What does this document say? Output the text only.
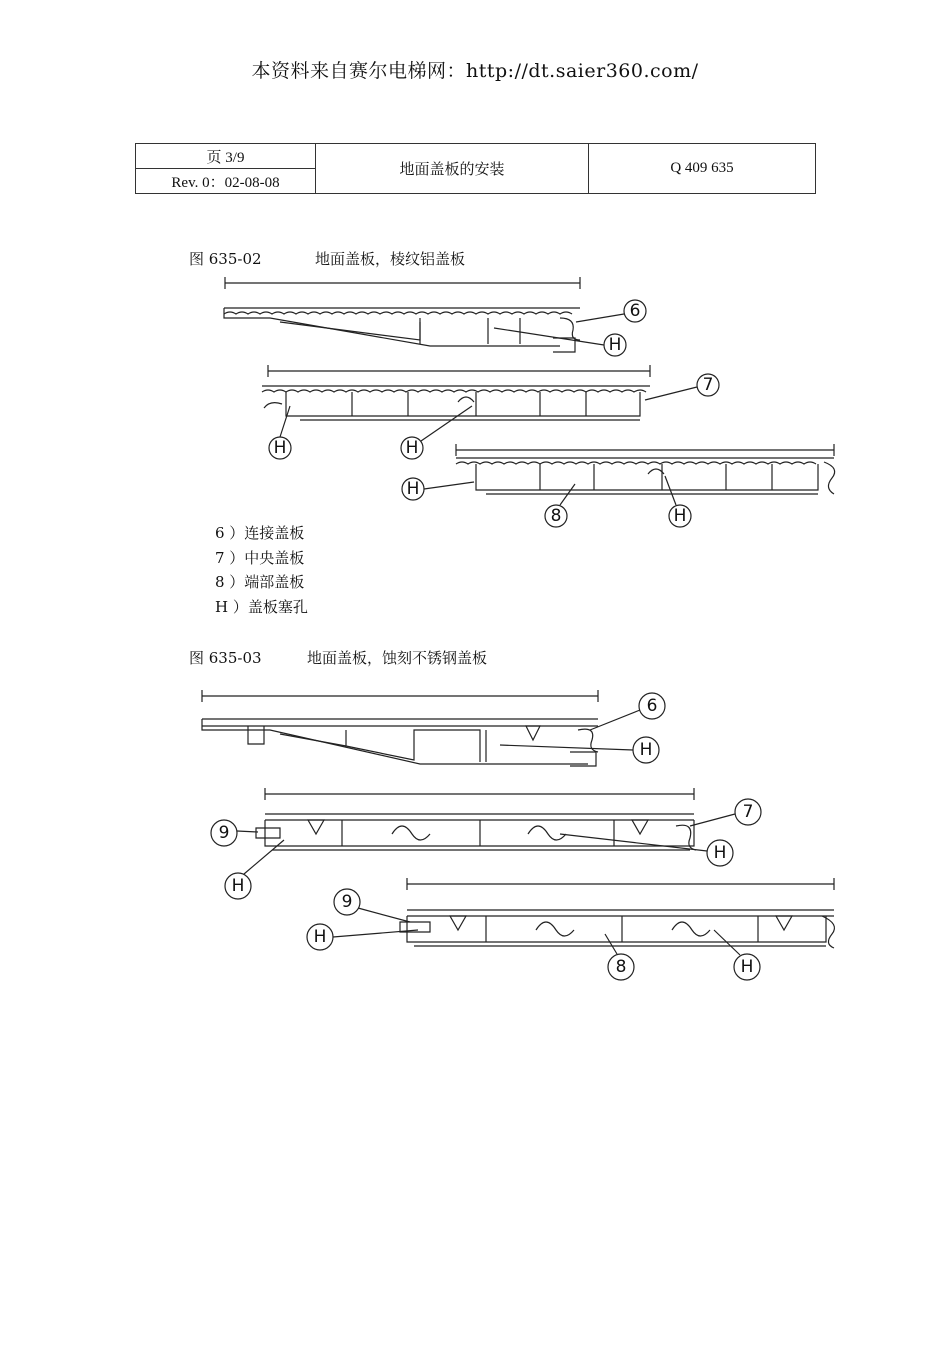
本资料来自赛尔电梯网：http://dt.saier360.com/
页 3/9
Rev. 0：02-08-08
地面盖板的安装	Q 409 635
图 635-02	地面盖板，棱纹铝盖板
6
H
7
H	H
H
8	H
6 ）连接盖板
7 ）中央盖板
8 ）端部盖板
H ）盖板塞孔
图 635-03	地面盖板，蚀刻不锈钢盖板
6
H
9
7
H
H
9
H
8	H
